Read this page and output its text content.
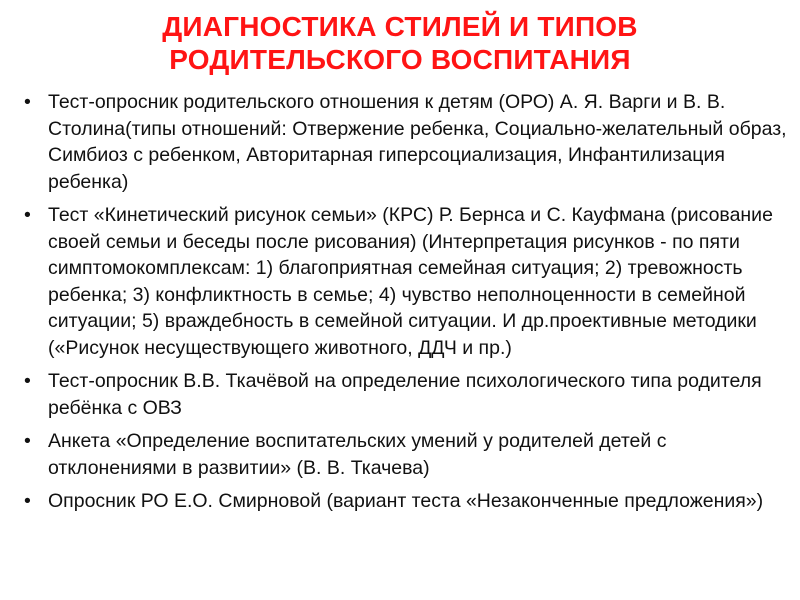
ДИАГНОСТИКА СТИЛЕЙ И ТИПОВ
РОДИТЕЛЬСКОГО ВОСПИТАНИЯ
• Тест-опросник родительского отношения к детям (ОРО) А. Я. Варги и В. В. Столина(типы отношений: Отвержение ребенка, Социально-желательный образ, Симбиоз с ребенком, Авторитарная гиперсоциализация, Инфантилизация ребенка)
• Тест «Кинетический рисунок семьи» (КРС) Р. Бернса и С. Кауфмана (рисование своей семьи и беседы после рисования) (Интерпретация рисунков - по пяти симптомокомплексам: 1) благоприятная семейная ситуация; 2) тревожность ребенка; 3) конфликтность в семье; 4) чувство неполноценности в семейной ситуации; 5) враждебность в семейной ситуации. И др.проективные методики («Рисунок несуществующего животного, ДДЧ и пр.)
• Тест-опросник В.В. Ткачёвой на определение психологического типа родителя ребёнка с ОВЗ
• Анкета «Определение воспитательских умений у родителей детей с отклонениями в развитии» (В. В. Ткачева)
• Опросник РО Е.О. Смирновой (вариант теста «Незаконченные предложения»)
